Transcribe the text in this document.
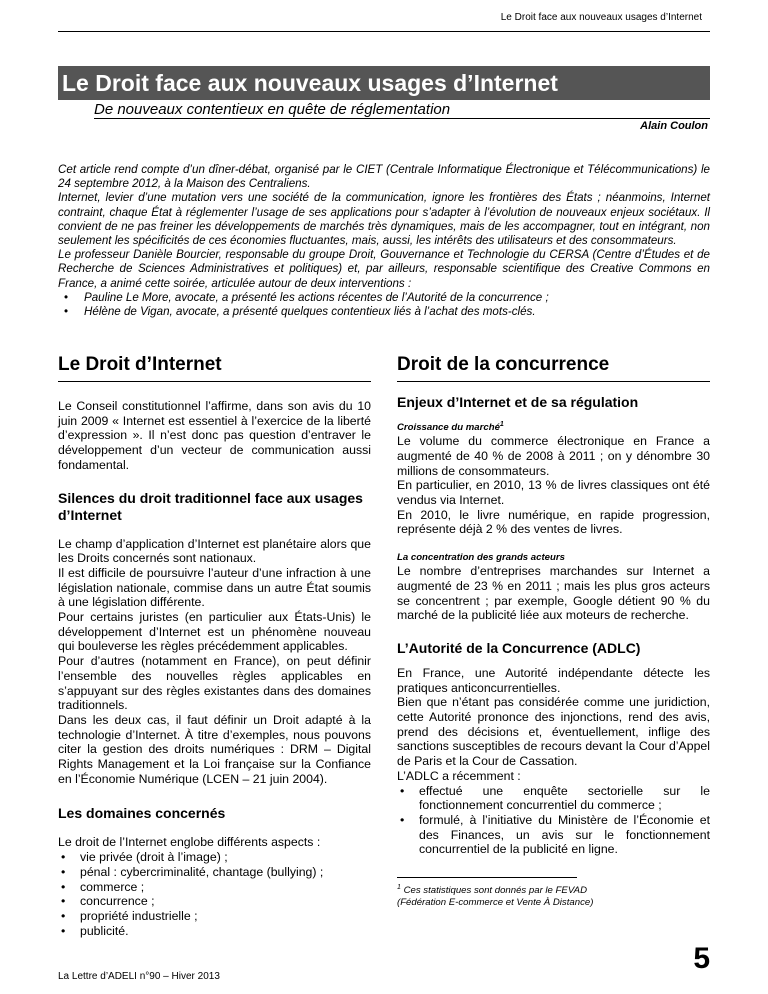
Le Droit face aux nouveaux usages d’Internet
Le Droit face aux nouveaux usages d’Internet
De nouveaux contentieux en quête de réglementation
Alain Coulon

Cet article rend compte d’un dîner-débat, organisé par le CIET (Centrale Informatique Électronique et Télécommunications) le 24 septembre 2012, à la Maison des Centraliens.

Internet, levier d’une mutation vers une société de la communication, ignore les frontières des États ; néanmoins, Internet contraint, chaque État à réglementer l’usage de ses applications pour s’adapter à l’évolution de nouveaux enjeux sociétaux. Il convient de ne pas freiner les développements de marchés très dynamiques, mais de les accompagner, tout en intégrant, non seulement les spécificités de ces économies fluctuantes, mais, aussi, les intérêts des utilisateurs et des consommateurs.

Le professeur Danièle Bourcier, responsable du groupe Droit, Gouvernance et Technologie du CERSA (Centre d’Études et de Recherche de Sciences Administratives et politiques) et, par ailleurs, responsable scientifique des Creative Commons en France, a animé cette soirée, articulée autour de deux interventions :

• Pauline Le More, avocate, a présenté les actions récentes de l’Autorité de la concurrence ;
• Hélène de Vigan, avocate, a présenté quelques contentieux liés à l’achat des mots-clés.
Le Droit d’Internet

Le Conseil constitutionnel l’affirme, dans son avis du 10 juin 2009 « Internet est essentiel à l’exercice de la liberté d’expression ». Il n’est donc pas question d’entraver le développement d’un vecteur de communication aussi fondamental.

Silences du droit traditionnel face aux usages d’Internet

Le champ d’application d’Internet est planétaire alors que les Droits concernés sont nationaux.

Il est difficile de poursuivre l’auteur d’une infraction à une législation nationale, commise dans un autre État soumis à une législation différente.

Pour certains juristes (en particulier aux États-Unis) le développement d’Internet est un phénomène nouveau qui bouleverse les règles précédemment applicables.

Pour d’autres (notamment en France), on peut définir l’ensemble des nouvelles règles applicables en s’appuyant sur des règles existantes dans des domaines traditionnels.

Dans les deux cas, il faut définir un Droit adapté à la technologie d’Internet. À titre d’exemples, nous pouvons citer la gestion des droits numériques : DRM – Digital Rights Management et la Loi française sur la Confiance en l’Économie Numérique (LCEN – 21 juin 2004).

Les domaines concernés

Le droit de l’Internet englobe différents aspects :

• vie privée (droit à l’image) ;
• pénal : cybercriminalité, chantage (bullying) ;
• commerce ;
• concurrence ;
• propriété industrielle ;
• publicité.
Droit de la concurrence
Enjeux d’Internet et de sa régulation
Croissance du marché$^1$

Le volume du commerce électronique en France a augmenté de 40 % de 2008 à 2011 ; on y dénombre 30 millions de consommateurs.

En particulier, en 2010, 13 % de livres classiques ont été vendus via Internet.

En 2010, le livre numérique, en rapide progression, représente déjà 2 % des ventes de livres.

La concentration des grands acteurs

Le nombre d’entreprises marchandes sur Internet a augmenté de 23 % en 2011 ; mais les plus gros acteurs se concentrent ; par exemple, Google détient 90 % du marché de la publicité liée aux moteurs de recherche.

L’Autorité de la Concurrence (ADLC)

En France, une Autorité indépendante détecte les pratiques anticoncurrentielles.

Bien que n’étant pas considérée comme une juridiction, cette Autorité prononce des injonctions, rend des avis, prend des décisions et, éventuellement, inflige des sanctions susceptibles de recours devant la Cour d’Appel de Paris et la Cour de Cassation.

L’ADLC a récemment :

• effectué une enquête sectorielle sur le fonctionnement concurrentiel du commerce ;
• formulé, à l’initiative du Ministère de l’Économie et des Finances, un avis sur le fonctionnement concurrentiel de la publicité en ligne.
$^1$ Ces statistiques sont donnés par le FEVAD
(Fédération E-commerce et Vente À Distance)
La Lettre d’ADELI n°90 – Hiver 2013
5
